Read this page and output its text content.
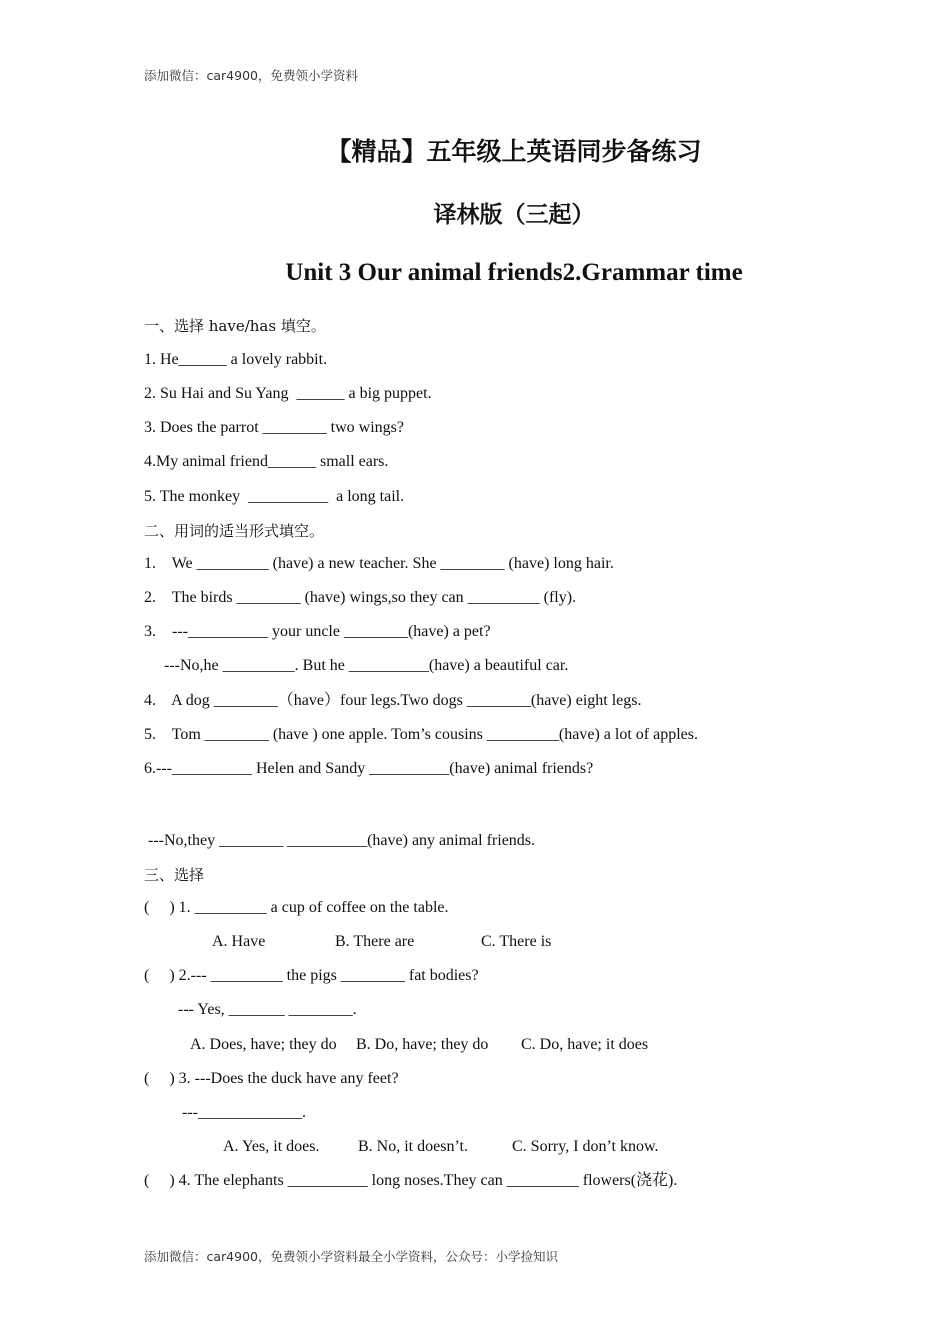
添加微信：car4900，免费领小学资料
【精品】五年级上英语同步备练习
译林版（三起）
Unit 3 Our animal friends2.Grammar time
一、选择 have/has 填空。
1. He______ a lovely rabbit.
2. Su Hai and Su Yang  ______ a big puppet.
3. Does the parrot ________ two wings?
4.My animal friend______ small ears.
5. The monkey  __________  a long tail.
二、用词的适当形式填空。
1.    We _________ (have) a new teacher. She ________ (have) long hair.
2.    The birds ________ (have) wings,so they can _________ (fly).
3.    ---__________ your uncle ________(have) a pet?
---No,he _________. But he __________(have) a beautiful car.
4.    A dog ________（have）four legs.Two dogs ________(have) eight legs.
5.    Tom ________ (have ) one apple. Tom’s cousins _________(have) a lot of apples.
6.---__________ Helen and Sandy __________(have) animal friends?
---No,they ________ __________(have) any animal friends.
三、选择
(     ) 1. _________ a cup of coffee on the table.
A. Have	B. There are	C. There is
(     ) 2.--- _________ the pigs ________ fat bodies?
--- Yes, _______ ________.
A. Does, have; they do B. Do, have; they do C. Do, have; it does
(     ) 3. ---Does the duck have any feet?
---_____________.
A. Yes, it does. B. No, it doesn’t.	C. Sorry, I don’t know.
(     ) 4. The elephants __________ long noses.They can _________ flowers(浇花).
添加微信：car4900，免费领小学资料最全小学资料，公众号：小学捡知识
